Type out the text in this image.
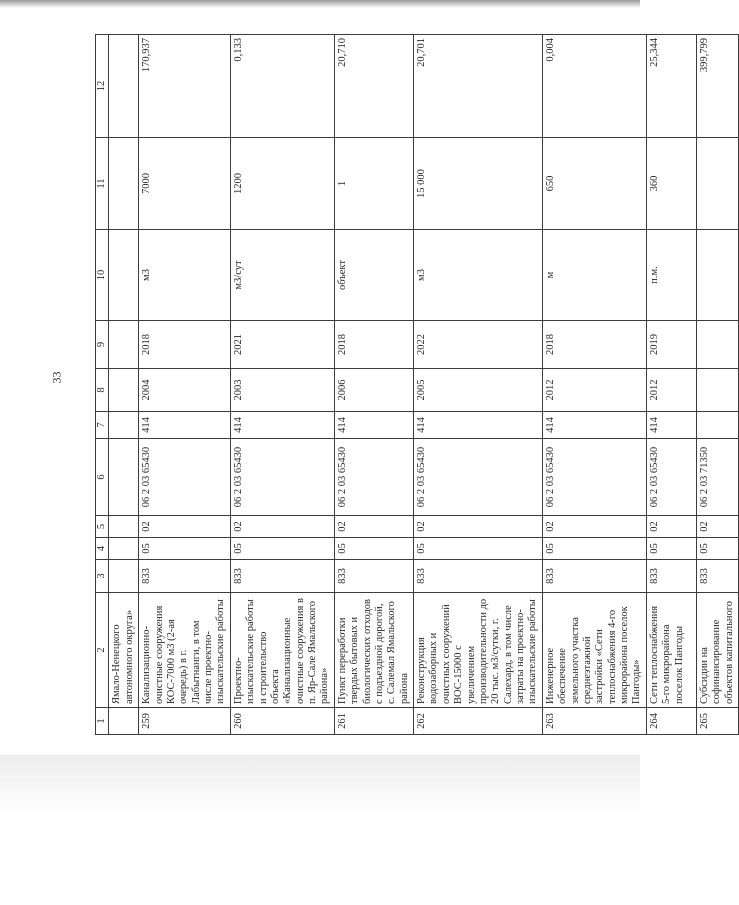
33
1	2	3	4	5	6	7	8	9	10	11	12
	Ямало-Ненецкого автономного округа»										
259	Канализационно-очистные сооружения КОС-7000 м3 (2-ая очередь) в г. Лабытнанги, в том числе проектно-изыскательские работы	833	05	02	06 2 03 65430	414	2004	2018	м3	7000	170,937
260	Проектно-изыскательские работы и строительство объекта «Канализационные очистные сооружения в п. Яр-Сале Ямальского района»	833	05	02	06 2 03 65430	414	2003	2021	м3/сут	1200	0,133
261	Пункт переработки твердых бытовых и биологических отходов с подъездной дорогой, с. Салемал Ямальского района	833	05	02	06 2 03 65430	414	2006	2018	объект	1	20,710
262	Реконструкция водозаборных и очистных сооружений ВОС-15000 с увеличением производительности до 20 тыс. м3/сутки, г. Салехард, в том числе затраты на проектно-изыскательские работы	833	05	02	06 2 03 65430	414	2005	2022	м3	15 000	20,701
263	Инженерное обеспечение земельного участка среднеэтажной застройки «Сети теплоснабжения 4-го микрорайона поселок Пангоды»	833	05	02	06 2 03 65430	414	2012	2018	м	650	0,004
264	Сети теплоснабжения 5-го микрорайона поселок Пангоды	833	05	02	06 2 03 65430	414	2012	2019	п.м.	360	25,344
265	Субсидии на софинансирование объектов капитального	833	05	02	06 2 03 71350						399,799
